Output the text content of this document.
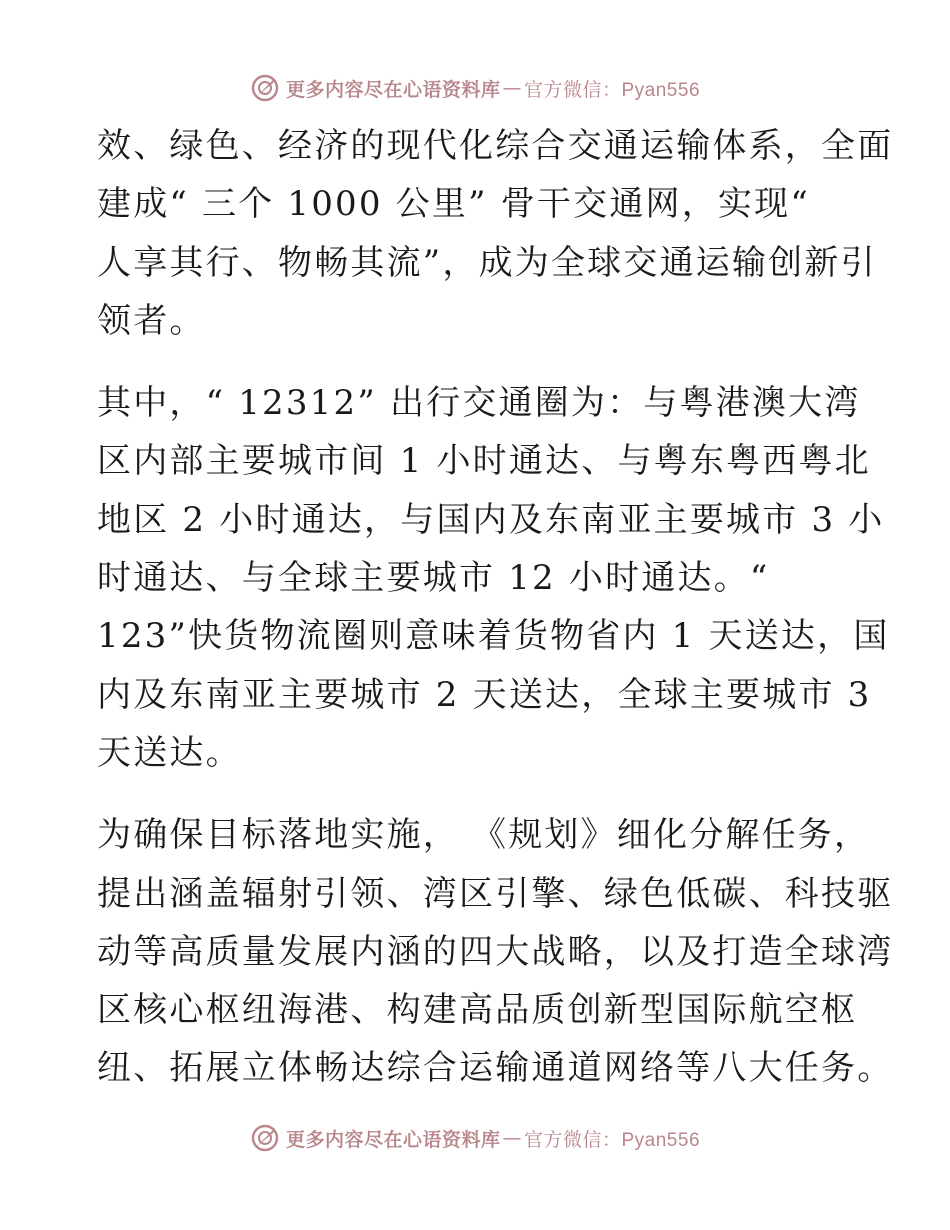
更多内容尽在心语资料库 — 官方微信：Pyan556

效、绿色、经济的现代化综合交通运输体系，全面
建成“ 三个 1000 公里” 骨干交通网，实现“
人享其行、物畅其流”，成为全球交通运输创新引
领者。

其中，“ 12312” 出行交通圈为：与粤港澳大湾
区内部主要城市间 1 小时通达、与粤东粤西粤北
地区 2 小时通达，与国内及东南亚主要城市 3 小
时通达、与全球主要城市 12 小时通达。“
123”快货物流圈则意味着货物省内 1 天送达，国
内及东南亚主要城市 2 天送达，全球主要城市 3
天送达。

为确保目标落地实施， 《规划》细化分解任务，
提出涵盖辐射引领、湾区引擎、绿色低碳、科技驱
动等高质量发展内涵的四大战略，以及打造全球湾
区核心枢纽海港、构建高品质创新型国际航空枢
纽、拓展立体畅达综合运输通道网络等八大任务。

更多内容尽在心语资料库 — 官方微信：Pyan556
